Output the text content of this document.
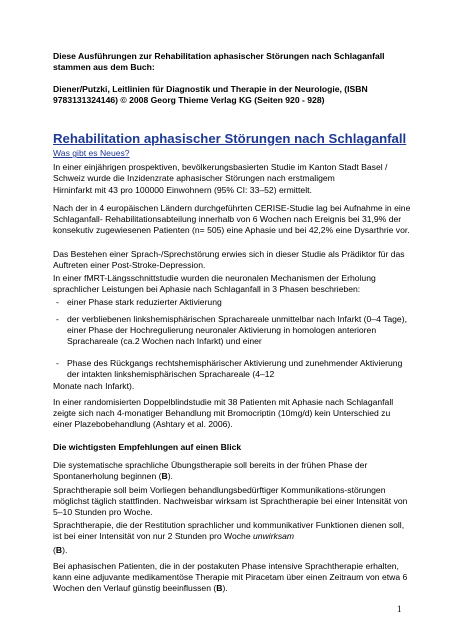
Diese Ausführungen zur Rehabilitation aphasischer Störungen nach Schlaganfall stammen aus dem Buch:

Diener/Putzki, Leitlinien für Diagnostik und Therapie in der Neurologie, (ISBN 9783131324146) © 2008 Georg Thieme Verlag KG (Seiten 920 - 928)

Rehabilitation aphasischer Störungen nach Schlaganfall
Was gibt es Neues?

In einer einjährigen prospektiven, bevölkerungsbasierten Studie im Kanton Stadt Basel / Schweiz wurde die Inzidenzrate aphasischer Störungen nach erstmaligem

Hirninfarkt mit 43 pro 100000 Einwohnern (95% CI: 33–52) ermittelt.

Nach der in 4 europäischen Ländern durchgeführten CERISE-Studie lag bei Aufnahme in eine Schlaganfall- Rehabilitationsabteilung innerhalb von 6 Wochen nach Ereignis bei 31,9% der konsekutiv zugewiesenen Patienten (n= 505) eine Aphasie und bei 42,2% eine Dysarthrie vor.

Das Bestehen einer Sprach-/Sprechstörung erwies sich in dieser Studie als Prädiktor für das Auftreten einer Post-Stroke-Depression.

In einer fMRT-Längsschnittstudie wurden die neuronalen Mechanismen der Erholung sprachlicher Leistungen bei Aphasie nach Schlaganfall in 3 Phasen beschrieben:

- einer Phase stark reduzierter Aktivierung
- der verbliebenen linkshemisphärischen Sprachareale unmittelbar nach Infarkt (0–4 Tage), einer Phase der Hochregulierung neuronaler Aktivierung in homologen anterioren Sprachareale (ca.2 Wochen nach Infarkt) und einer
- Phase des Rückgangs rechtshemisphärischer Aktivierung und zunehmender Aktivierung der intakten linkshemisphärischen Sprachareale (4–12

Monate nach Infarkt).

In einer randomisierten Doppelblindstudie mit 38 Patienten mit Aphasie nach Schlaganfall zeigte sich nach 4-monatiger Behandlung mit Bromocriptin (10mg/d) kein Unterschied zu einer Plazebobehandlung (Ashtary et al. 2006).

Die wichtigsten Empfehlungen auf einen Blick

Die systematische sprachliche Übungstherapie soll bereits in der frühen Phase der Spontanerholung beginnen (B).

Sprachtherapie soll beim Vorliegen behandlungsbedürftiger Kommunikations-störungen möglichst täglich stattfinden. Nachweisbar wirksam ist Sprachtherapie bei einer Intensität von 5–10 Stunden pro Woche.

Sprachtherapie, die der Restitution sprachlicher und kommunikativer Funktionen dienen soll, ist bei einer Intensität von nur 2 Stunden pro Woche unwirksam

(B).

Bei aphasischen Patienten, die in der postakuten Phase intensive Sprachtherapie erhalten, kann eine adjuvante medikamentöse Therapie mit Piracetam über einen Zeitraum von etwa 6 Wochen den Verlauf günstig beeinflussen (B).

1
